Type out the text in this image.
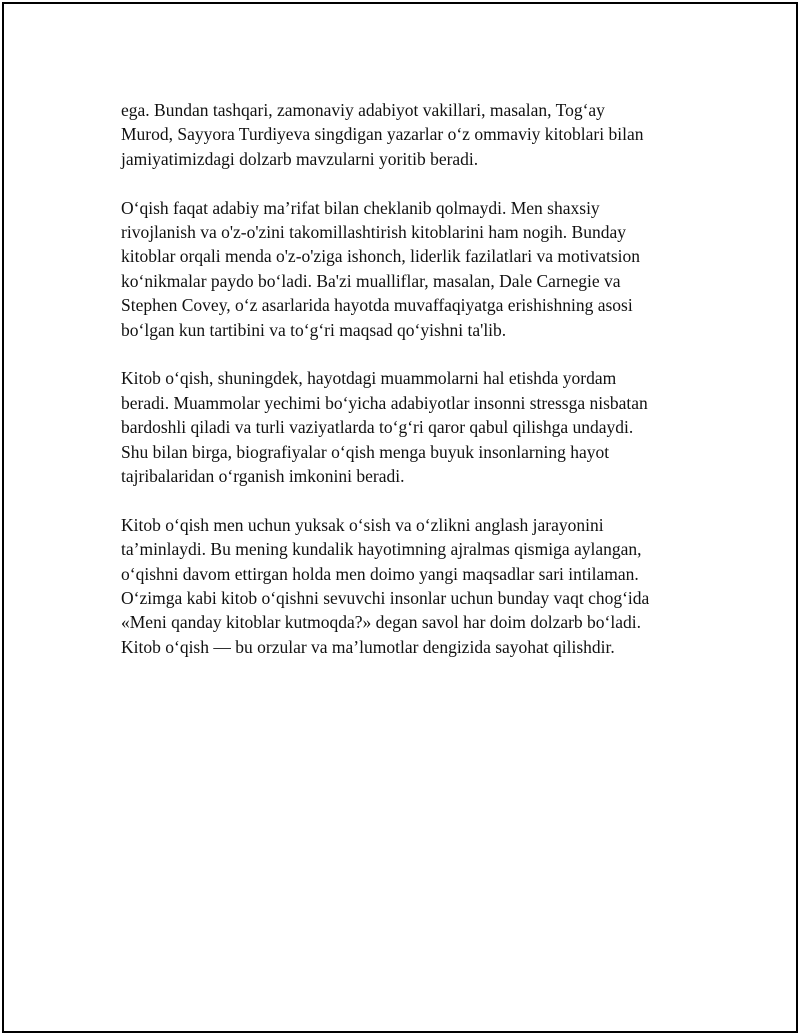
ega. Bundan tashqari, zamonaviy adabiyot vakillari, masalan, Tog‘ay
Murod, Sayyora Turdiyeva singdigan yazarlar o‘z ommaviy kitoblari bilan
jamiyatimizdagi dolzarb mavzularni yoritib beradi.

O‘qish faqat adabiy ma’rifat bilan cheklanib qolmaydi. Men shaxsiy
rivojlanish va o'z-o'zini takomillashtirish kitoblarini ham nogih. Bunday
kitoblar orqali menda o'z-o'ziga ishonch, liderlik fazilatlari va motivatsion
ko‘nikmalar paydo bo‘ladi. Ba'zi mualliflar, masalan, Dale Carnegie va
Stephen Covey, o‘z asarlarida hayotda muvaffaqiyatga erishishning asosi
bo‘lgan kun tartibini va to‘g‘ri maqsad qo‘yishni ta'lib.

Kitob o‘qish, shuningdek, hayotdagi muammolarni hal etishda yordam
beradi. Muammolar yechimi bo‘yicha adabiyotlar insonni stressga nisbatan
bardoshli qiladi va turli vaziyatlarda to‘g‘ri qaror qabul qilishga undaydi.
Shu bilan birga, biografiyalar o‘qish menga buyuk insonlarning hayot
tajribalaridan o‘rganish imkonini beradi.

Kitob o‘qish men uchun yuksak o‘sish va o‘zlikni anglash jarayonini
ta’minlaydi. Bu mening kundalik hayotimning ajralmas qismiga aylangan,
o‘qishni davom ettirgan holda men doimo yangi maqsadlar sari intilaman.
O‘zimga kabi kitob o‘qishni sevuvchi insonlar uchun bunday vaqt chog‘ida
«Meni qanday kitoblar kutmoqda?» degan savol har doim dolzarb bo‘ladi.
Kitob o‘qish — bu orzular va ma’lumotlar dengizida sayohat qilishdir.
